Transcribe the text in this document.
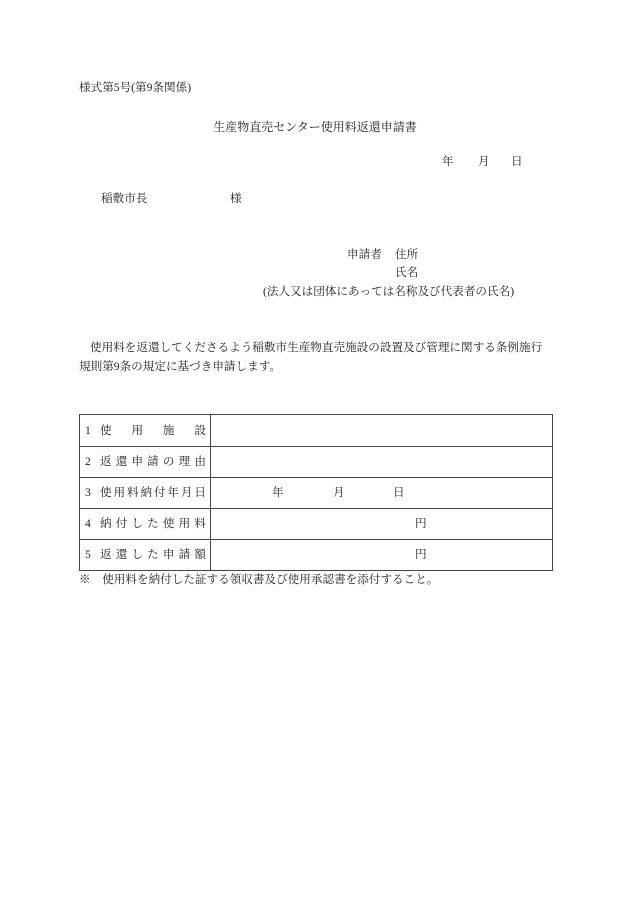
様式第5号(第9条関係)
生産物直売センター使用料返還申請書
年 月 日
稲敷市長	様
申請者 住所
氏名
(法人又は団体にあっては名称及び代表者の氏名)
使用料を返還してくださるよう稲敷市生産物直売施設の設置及び管理に関する条例施行
規則第9条の規定に基づき申請します。
1 使 用 施 設
2 返 還 申 請 の 理 由
3 使 用 料 納 付 年 月 日	年	月	日
4 納 付 し た 使 用 料	円
5 返 還 し た 申 請 額	円
※　使用料を納付した証する領収書及び使用承認書を添付すること。
